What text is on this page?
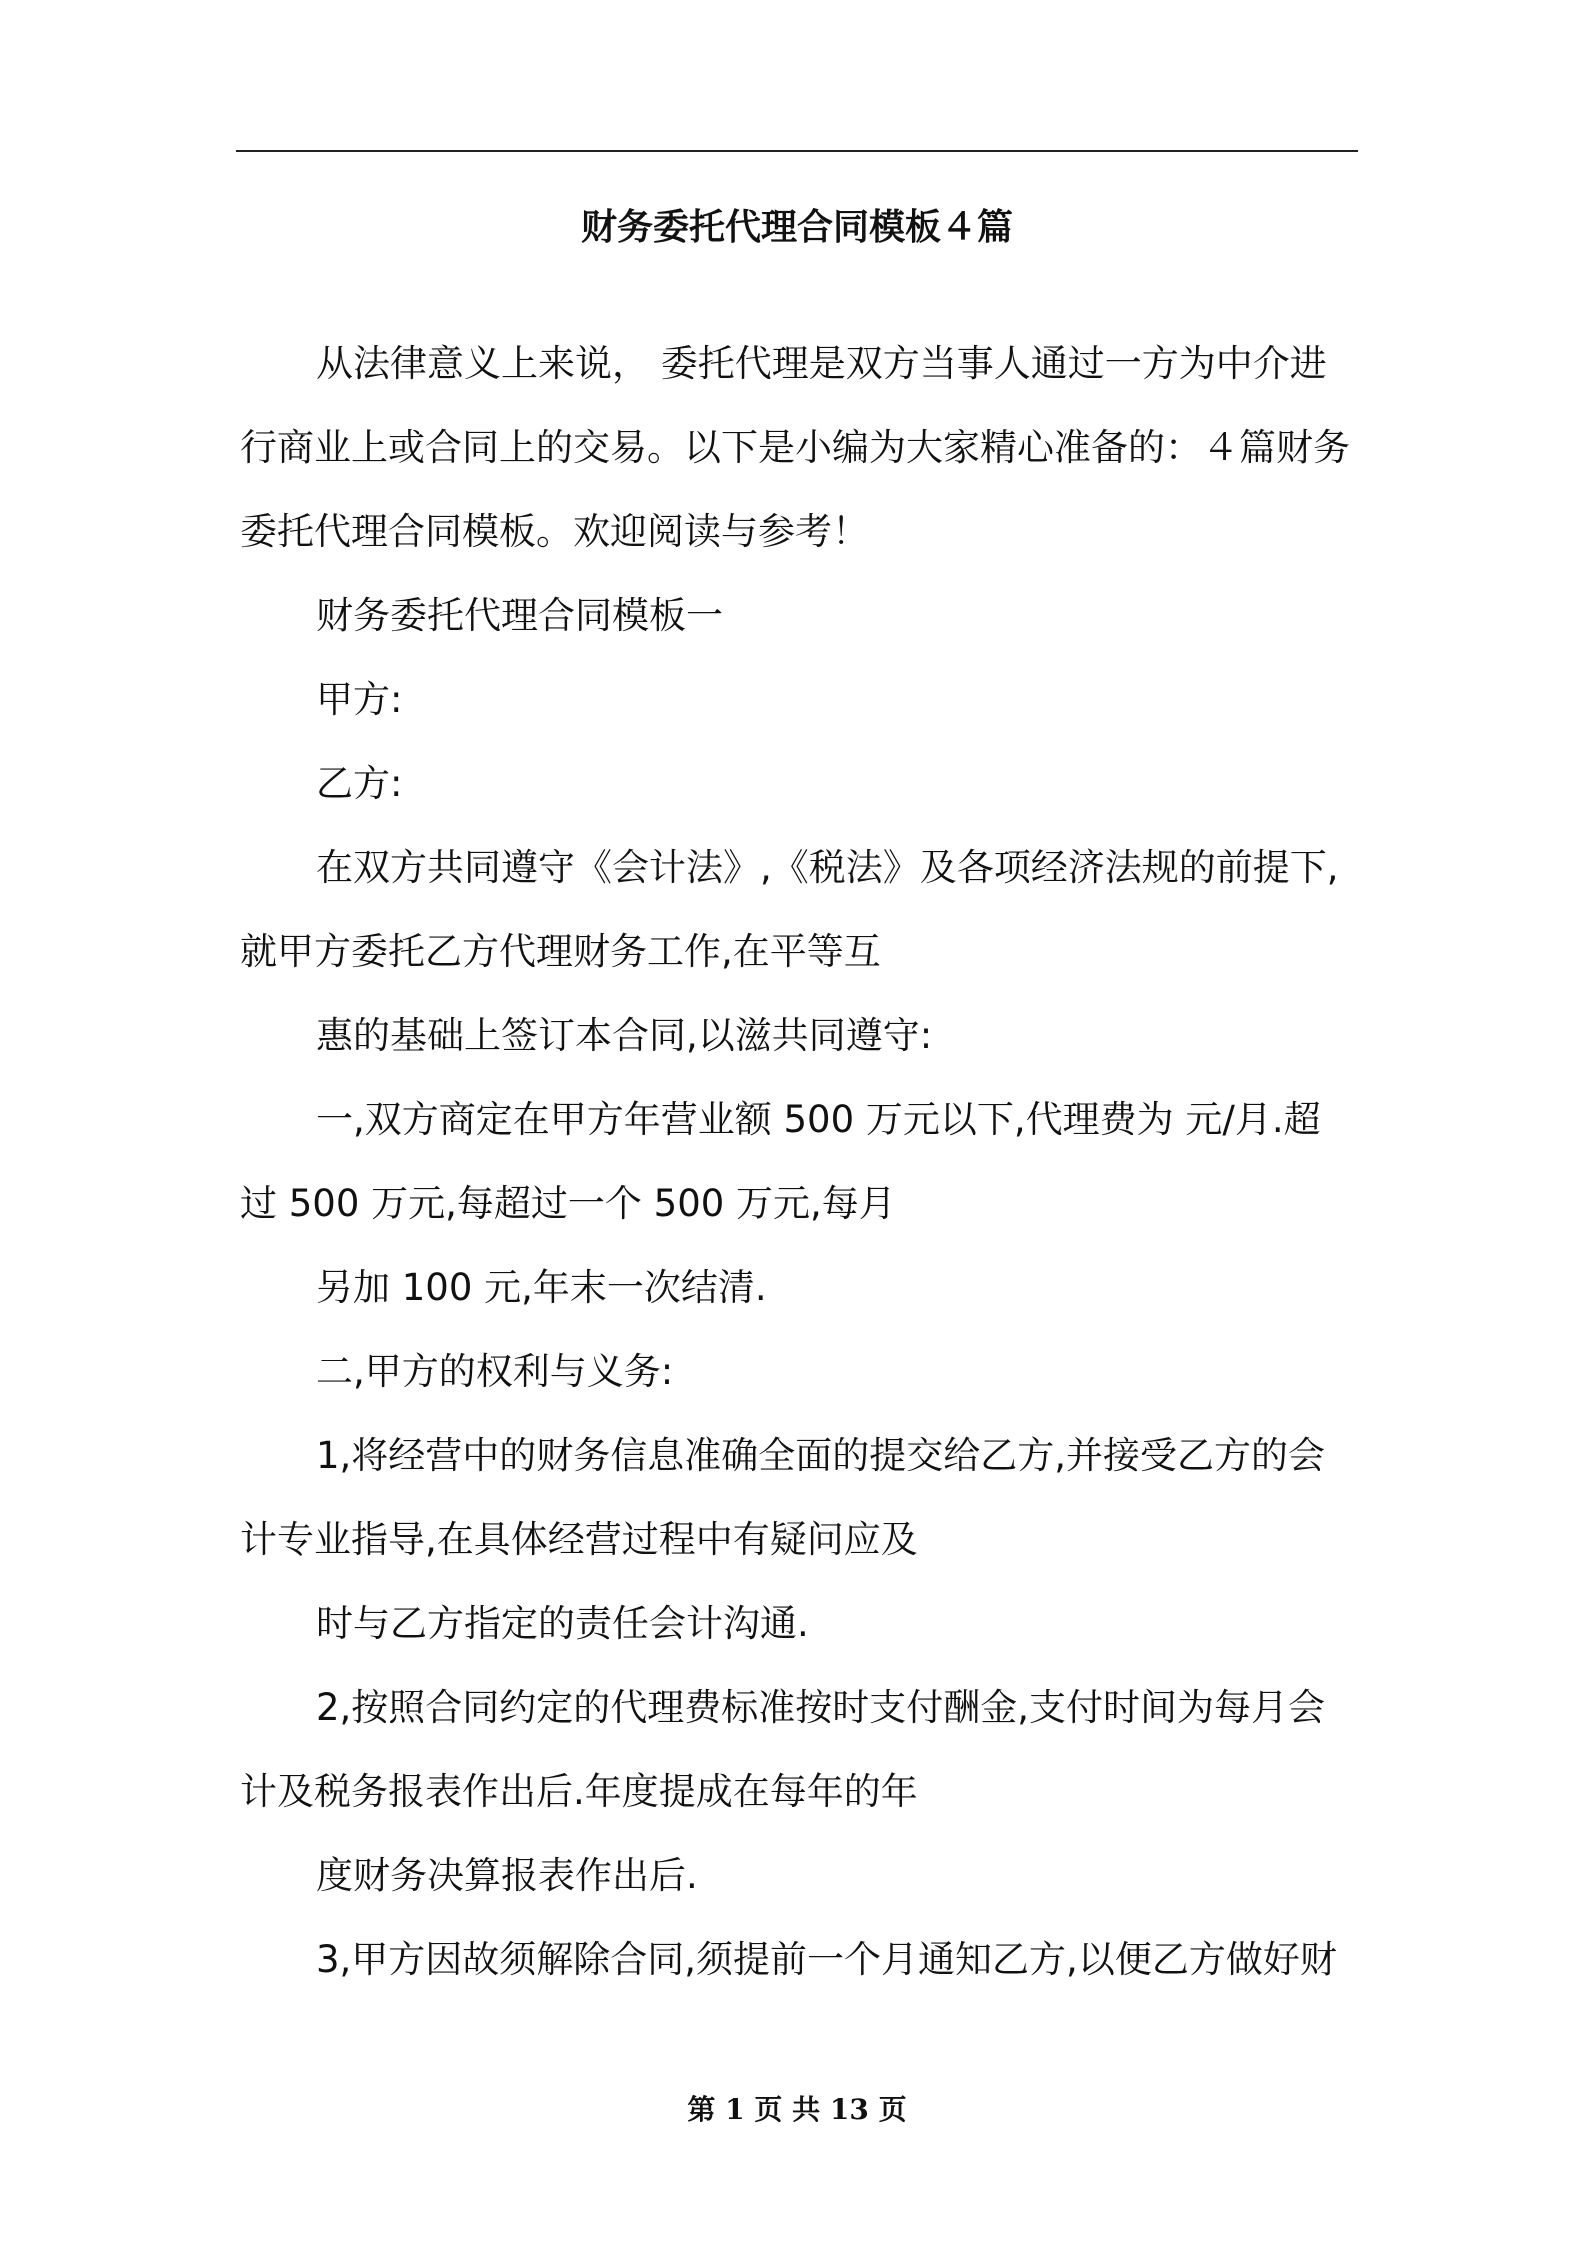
财务委托代理合同模板４篇

从法律意义上来说， 委托代理是双方当事人通过一方为中介进

行商业上或合同上的交易。以下是小编为大家精心准备的：４篇财务

委托代理合同模板。欢迎阅读与参考！

财务委托代理合同模板一

甲方:

乙方:

在双方共同遵守《会计法》,《税法》及各项经济法规的前提下,

就甲方委托乙方代理财务工作,在平等互

惠的基础上签订本合同,以滋共同遵守:

一,双方商定在甲方年营业额 500 万元以下,代理费为 元/月.超

过 500 万元,每超过一个 500 万元,每月

另加 100 元,年末一次结清.

二,甲方的权利与义务:

1,将经营中的财务信息准确全面的提交给乙方,并接受乙方的会

计专业指导,在具体经营过程中有疑问应及

时与乙方指定的责任会计沟通.

2,按照合同约定的代理费标准按时支付酬金,支付时间为每月会

计及税务报表作出后.年度提成在每年的年

度财务决算报表作出后.

3,甲方因故须解除合同,须提前一个月通知乙方,以便乙方做好财

第 1 页 共 13 页
